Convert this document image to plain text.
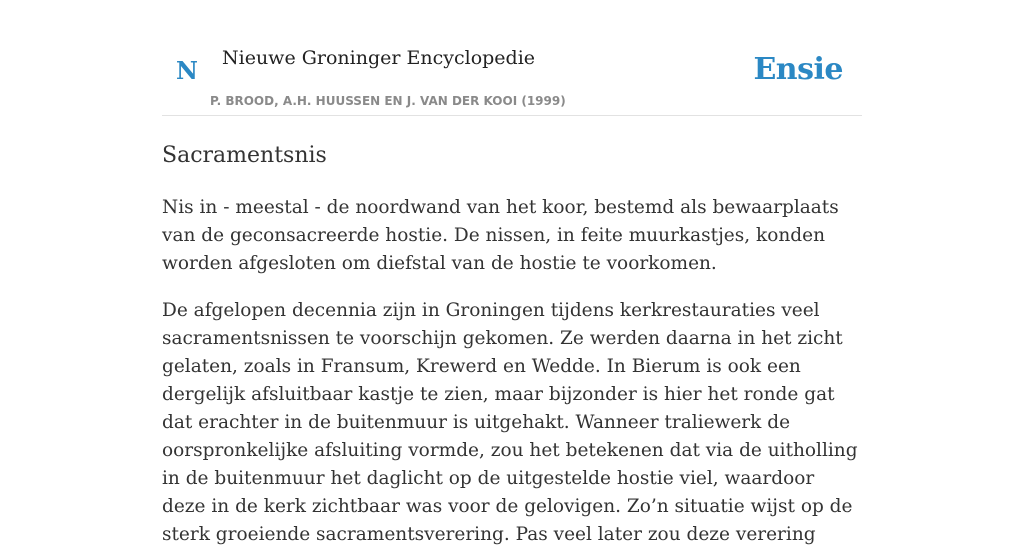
N Nieuwe Groninger Encyclopedie
P. BROOD, A.H. HUUSSEN EN J. VAN DER KOOI (1999)
Ensie
Sacramentsnis

Nis in - meestal - de noordwand van het koor, bestemd als bewaarplaats van de geconsacreerde hostie. De nissen, in feite muurkastjes, konden worden afgesloten om diefstal van de hostie te voorkomen.

De afgelopen decennia zijn in Groningen tijdens kerkrestauraties veel sacramentsnissen te voorschijn gekomen. Ze werden daarna in het zicht gelaten, zoals in Fransum, Krewerd en Wedde. In Bierum is ook een dergelijk afsluitbaar kastje te zien, maar bijzonder is hier het ronde gat dat erachter in de buitenmuur is uitgehakt. Wanneer traliewerk de oorspronkelijke afsluiting vormde, zou het betekenen dat via de uitholling in de buitenmuur het daglicht op de uitgestelde hostie viel, waardoor deze in de kerk zichtbaar was voor de gelovigen. Zo’n situatie wijst op de sterk groeiende sacramentsverering. Pas veel later zou deze verering
